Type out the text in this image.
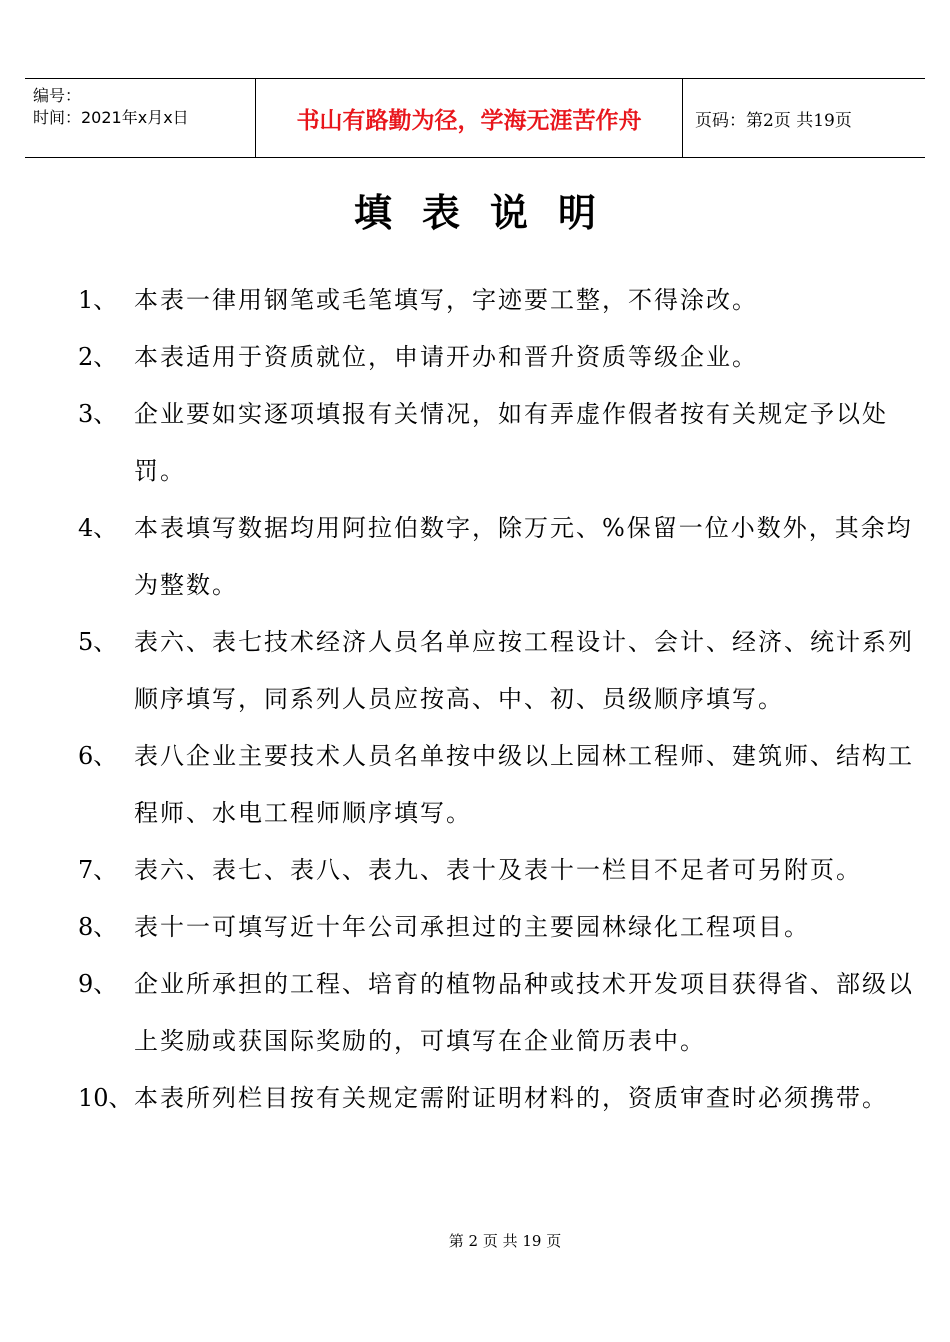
编号：
时间：2021年x月x日	书山有路勤为径，学海无涯苦作舟	页码：第2页 共19页
填表说明
1、 本表一律用钢笔或毛笔填写，字迹要工整，不得涂改。
2、 本表适用于资质就位，申请开办和晋升资质等级企业。
3、 企业要如实逐项填报有关情况，如有弄虚作假者按有关规定予以处罚。
4、 本表填写数据均用阿拉伯数字，除万元、%保留一位小数外，其余均为整数。
5、 表六、表七技术经济人员名单应按工程设计、会计、经济、统计系列顺序填写，同系列人员应按高、中、初、员级顺序填写。
6、 表八企业主要技术人员名单按中级以上园林工程师、建筑师、结构工程师、水电工程师顺序填写。
7、 表六、表七、表八、表九、表十及表十一栏目不足者可另附页。
8、 表十一可填写近十年公司承担过的主要园林绿化工程项目。
9、 企业所承担的工程、培育的植物品种或技术开发项目获得省、部级以上奖励或获国际奖励的，可填写在企业简历表中。
10、 本表所列栏目按有关规定需附证明材料的，资质审查时必须携带。
第 2 页 共 19 页
